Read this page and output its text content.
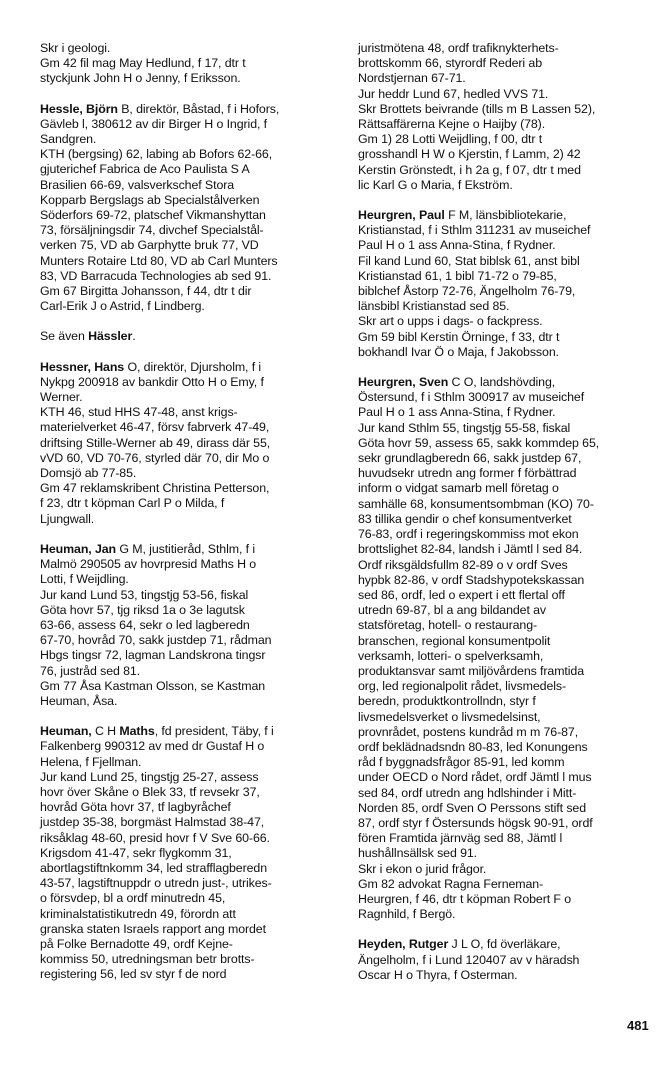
Skr i geologi.
Gm 42 fil mag May Hedlund, f 17, dtr t
styckjunk John H o Jenny, f Eriksson.
Hessle, Björn B, direktör, Båstad, f i Hofors,
Gävleb l, 380612 av dir Birger H o Ingrid, f
Sandgren.
KTH (bergsing) 62, labing ab Bofors 62-66,
gjuterichef Fabrica de Aco Paulista S A
Brasilien 66-69, valsverkschef Stora
Kopparb Bergslags ab Specialstålverken
Söderfors 69-72, platschef Vikmanshyttan
73, försäljningsdir 74, divchef Specialstål-
verken 75, VD ab Garphytte bruk 77, VD
Munters Rotaire Ltd 80, VD ab Carl Munters
83, VD Barracuda Technologies ab sed 91.
Gm 67 Birgitta Johansson, f 44, dtr t dir
Carl-Erik J o Astrid, f Lindberg.
Se även Hässler.
Hessner, Hans O, direktör, Djursholm, f i
Nykpg 200918 av bankdir Otto H o Emy, f
Werner.
KTH 46, stud HHS 47-48, anst krigs-
materielverket 46-47, försv fabrverk 47-49,
driftsing Stille-Werner ab 49, dirass där 55,
vVD 60, VD 70-76, styrled där 70, dir Mo o
Domsjö ab 77-85.
Gm 47 reklamskribent Christina Petterson,
f 23, dtr t köpman Carl P o Milda, f
Ljungwall.
Heuman, Jan G M, justitieråd, Sthlm, f i
Malmö 290505 av hovrpresid Maths H o
Lotti, f Weijdling.
Jur kand Lund 53, tingstjg 53-56, fiskal
Göta hovr 57, tjg riksd 1a o 3e lagutsk
63-66, assess 64, sekr o led lagberedn
67-70, hovråd 70, sakk justdep 71, rådman
Hbgs tingsr 72, lagman Landskrona tingsr
76, justråd sed 81.
Gm 77 Åsa Kastman Olsson, se Kastman
Heuman, Åsa.
Heuman, C H Maths, fd president, Täby, f i
Falkenberg 990312 av med dr Gustaf H o
Helena, f Fjellman.
Jur kand Lund 25, tingstjg 25-27, assess
hovr över Skåne o Blek 33, tf revsekr 37,
hovråd Göta hovr 37, tf lagbyråchef
justdep 35-38, borgmäst Halmstad 38-47,
riksåklag 48-60, presid hovr f V Sve 60-66.
Krigsdom 41-47, sekr flygkomm 31,
abortlagstiftnkomm 34, led strafflagberedn
43-57, lagstiftnuppdr o utredn just-, utrikes-
o försvdep, bl a ordf minutredn 45,
kriminalstatistikutredn 49, förordn att
granska staten Israels rapport ang mordet
på Folke Bernadotte 49, ordf Kejne-
kommiss 50, utredningsman betr brotts-
registering 56, led sv styr f de nord
juristmötena 48, ordf trafiknykterhets-
brottskomm 66, styrordf Rederi ab
Nordstjernan 67-71.
Jur heddr Lund 67, hedled VVS 71.
Skr Brottets beivrande (tills m B Lassen 52),
Rättsaffärerna Kejne o Haijby (78).
Gm 1) 28 Lotti Weijdling, f 00, dtr t
grosshandl H W o Kjerstin, f Lamm, 2) 42
Kerstin Grönstedt, i h 2a g, f 07, dtr t med
lic Karl G o Maria, f Ekström.
Heurgren, Paul F M, länsbibliotekarie,
Kristianstad, f i Sthlm 311231 av museichef
Paul H o 1 ass Anna-Stina, f Rydner.
Fil kand Lund 60, Stat biblsk 61, anst bibl
Kristianstad 61, 1 bibl 71-72 o 79-85,
biblchef Åstorp 72-76, Ängelholm 76-79,
länsbibl Kristianstad sed 85.
Skr art o upps i dags- o fackpress.
Gm 59 bibl Kerstin Örninge, f 33, dtr t
bokhandl Ivar Ö o Maja, f Jakobsson.
Heurgren, Sven C O, landshövding,
Östersund, f i Sthlm 300917 av museichef
Paul H o 1 ass Anna-Stina, f Rydner.
Jur kand Sthlm 55, tingstjg 55-58, fiskal
Göta hovr 59, assess 65, sakk kommdep 65,
sekr grundlagberedn 66, sakk justdep 67,
huvudsekr utredn ang former f förbättrad
inform o vidgat samarb mell företag o
samhälle 68, konsumentsombman (KO) 70-
83 tillika gendir o chef konsumentverket
76-83, ordf i regeringskommiss mot ekon
brottslighet 82-84, landsh i Jämtl l sed 84.
Ordf riksgäldsfullm 82-89 o v ordf Sves
hypbk 82-86, v ordf Stadshypotekskassan
sed 86, ordf, led o expert i ett flertal off
utredn 69-87, bl a ang bildandet av
statsföretag, hotell- o restaurang-
branschen, regional konsumentpolit
verksamh, lotteri- o spelverksamh,
produktansvar samt miljövårdens framtida
org, led regionalpolit rådet, livsmedels-
beredn, produktkontrollndn, styr f
livsmedelsverket o livsmedelsinst,
provnrådet, postens kundråd m m 76-87,
ordf beklädnadsndn 80-83, led Konungens
råd f byggnadsfrågor 85-91, led komm
under OECD o Nord rådet, ordf Jämtl l mus
sed 84, ordf utredn ang hdlshinder i Mitt-
Norden 85, ordf Sven O Perssons stift sed
87, ordf styr f Östersunds högsk 90-91, ordf
fören Framtida järnväg sed 88, Jämtl l
hushållnsällsk sed 91.
Skr i ekon o jurid frågor.
Gm 82 advokat Ragna Ferneman-
Heurgren, f 46, dtr t köpman Robert F o
Ragnhild, f Bergö.
Heyden, Rutger J L O, fd överläkare,
Ängelholm, f i Lund 120407 av v häradsh
Oscar H o Thyra, f Osterman.
481
